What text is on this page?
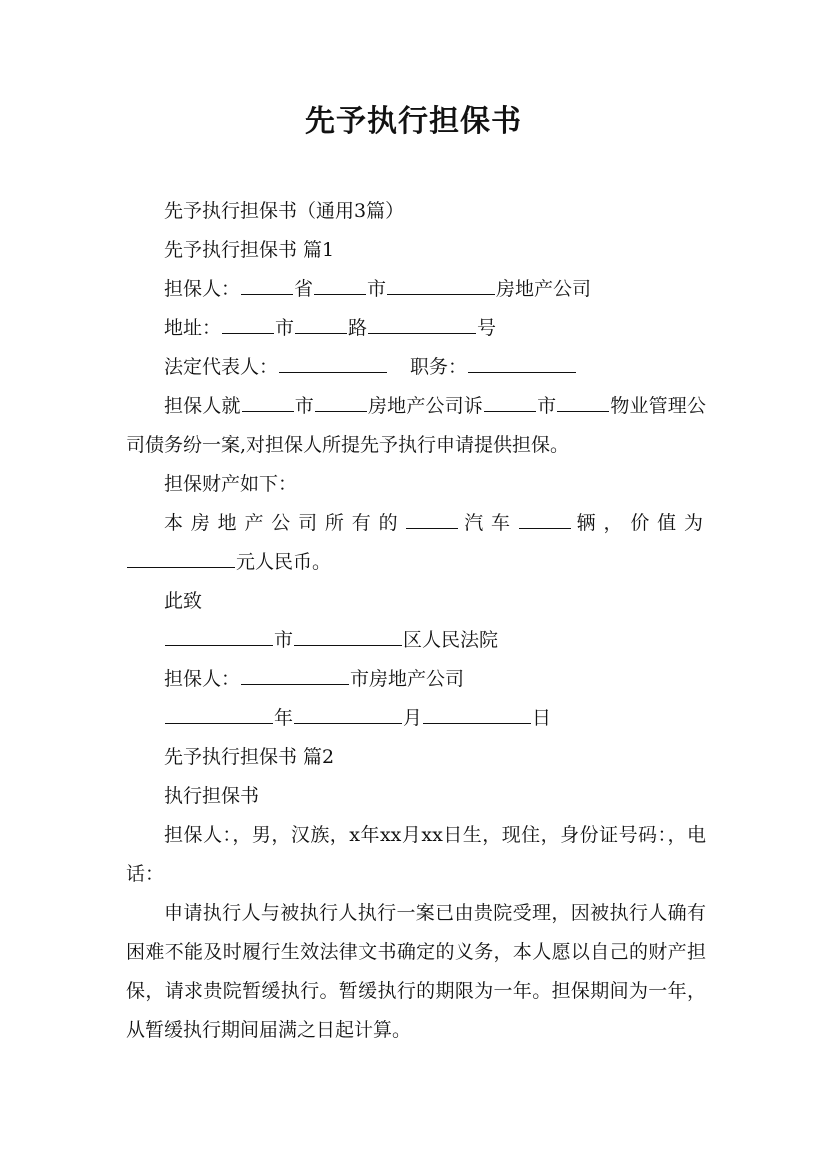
先予执行担保书

先予执行担保书（通用3篇）

先予执行担保书 篇1

担保人：	省	市	房地产公司

地址：	市	路	号

法定代表人：	职务：

担保人就	市	房地产公司诉	市	物业管理公司债务纷一案,对担保人所提先予执行申请提供担保。

担保财产如下：

本房地产公司所有的	汽车	辆，价值为元人民币。

此致

市	区人民法院

担保人：	市房地产公司

年	月	日

先予执行担保书 篇2

执行担保书

担保人：，男，汉族，x年xx月xx日生，现住，身份证号码：，电话：

申请执行人与被执行人执行一案已由贵院受理，因被执行人确有困难不能及时履行生效法律文书确定的义务，本人愿以自己的财产担保，请求贵院暂缓执行。暂缓执行的期限为一年。担保期间为一年，从暂缓执行期间届满之日起计算。
